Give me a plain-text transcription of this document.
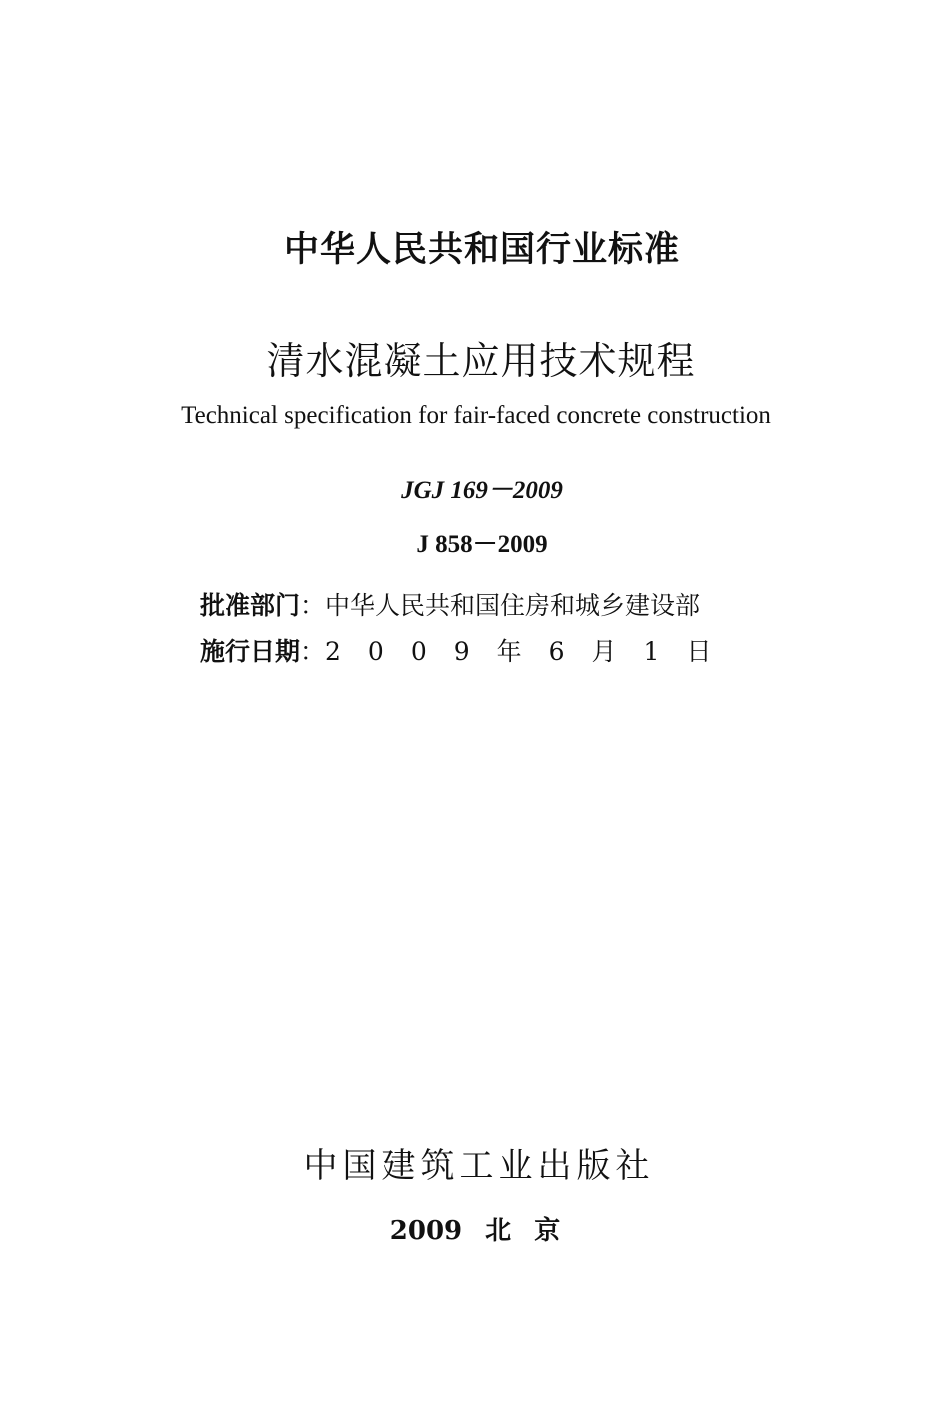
中华人民共和国行业标准
清水混凝土应用技术规程
Technical specification for fair-faced concrete construction
JGJ 169－2009
J 858－2009
批准部门：中华人民共和国住房和城乡建设部
施行日期：2009年6月1日
中国建筑工业出版社
2009 北 京
